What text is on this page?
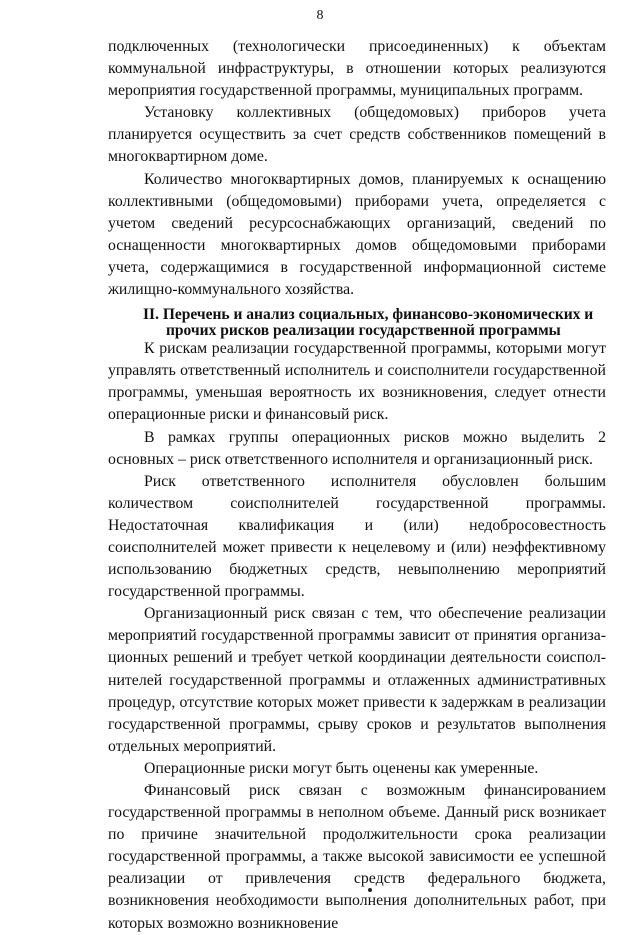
8

подключенных (технологически присоединенных) к объектам коммунальной инфраструктуры, в отношении которых реализуются мероприятия государственной программы, муниципальных программ.

Установку коллективных (общедомовых) приборов учета планируется осуществить за счет средств собственников помещений в многоквартирном доме.

Количество многоквартирных домов, планируемых к оснащению коллективными (общедомовыми) приборами учета, определяется с учетом сведений ресурсоснабжающих организаций, сведений по оснащенности многоквартирных домов общедомовыми приборами учета, содержащимися в государственной информационной системе жилищно-коммунального хозяйства.

II. Перечень и анализ социальных, финансово-экономических и
прочих рисков реализации государственной программы

К рискам реализации государственной программы, которыми могут управлять ответственный исполнитель и соисполнители государственной программы, уменьшая вероятность их возникновения, следует отнести операционные риски и финансовый риск.

В рамках группы операционных рисков можно выделить 2 основных – риск ответственного исполнителя и организационный риск.

Риск ответственного исполнителя обусловлен большим количеством соисполнителей государственной программы. Недостаточная квалификация и (или) недобросовестность соисполнителей может привести к нецелевому и (или) неэффективному использованию бюджетных средств, невыполнению мероприятий государственной программы.

Организационный риск связан с тем, что обеспечение реализации мероприятий государственной программы зависит от принятия организационных решений и требует четкой координации деятельности соисполнителей государственной программы и отлаженных административных процедур, отсутствие которых может привести к задержкам в реализации государственной программы, срыву сроков и результатов выполнения отдельных мероприятий.

Операционные риски могут быть оценены как умеренные.

Финансовый риск связан с возможным финансированием государственной программы в неполном объеме. Данный риск возникает по причине значительной продолжительности срока реализации государственной программы, а также высокой зависимости ее успешной реализации от привлечения средств федерального бюджета, возникновения необходимости выполнения дополнительных работ, при которых возможно возникновение
